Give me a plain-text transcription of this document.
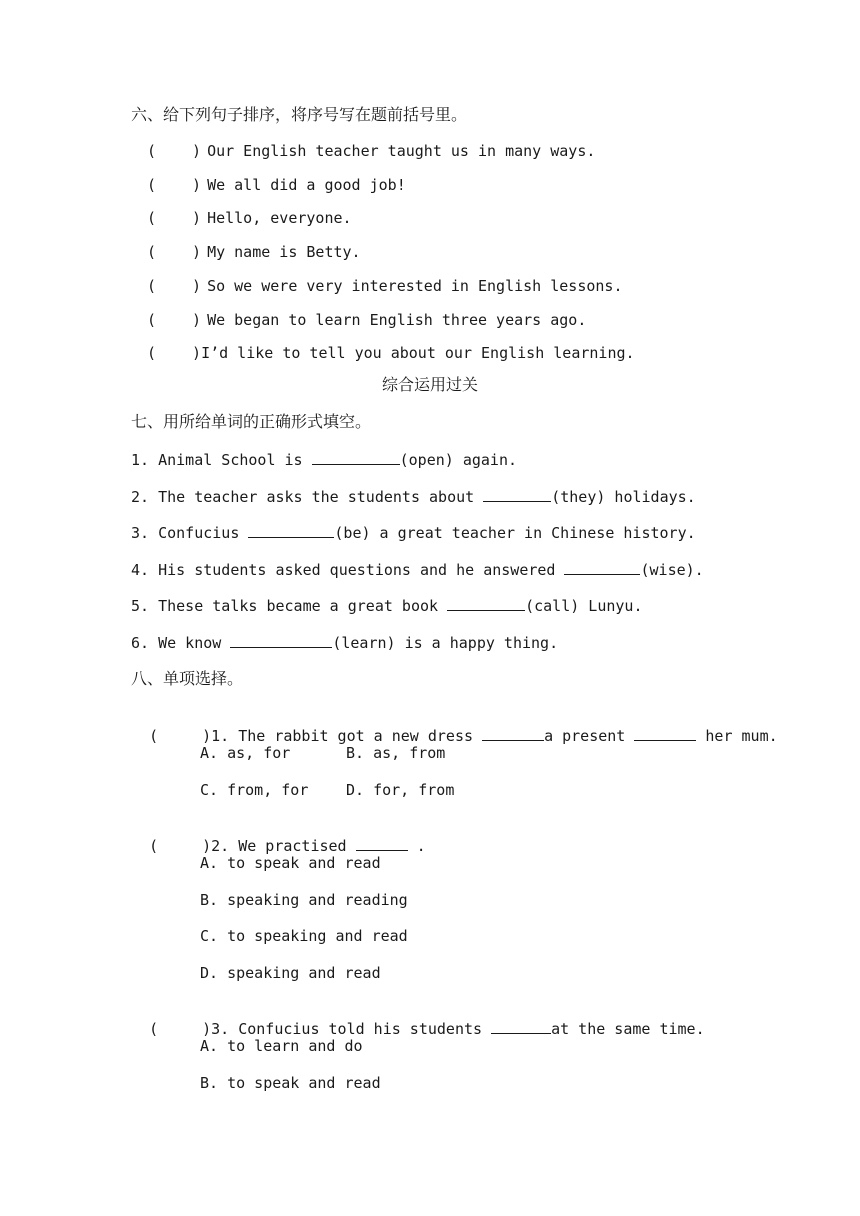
六、给下列句子排序，将序号写在题前括号里。
( ) Our English teacher taught us in many ways.
( ) We all did a good job!
( ) Hello, everyone.
( ) My name is Betty.
( ) So we were very interested in English lessons.
( ) We began to learn English three years ago.
( )I’d like to tell you about our English learning.
综合运用过关
七、用所给单词的正确形式填空。
1. Animal School is	(open) again.
2. The teacher asks the students about	(they) holidays.
3. Confucius	(be) a great teacher in Chinese history.
4. His students asked questions and he answered	(wise).
5. These talks became a great book	(call) Lunyu.
6. We know	(learn) is a happy thing.
八、单项选择。

(	)1. The rabbit got a new dress	a present	her mum.

A. as, for	B. as, from
C. from, for	D. for, from

(	)2. We practised	.

A. to speak and read
B. speaking and reading
C. to speaking and read
D. speaking and read

(	)3. Confucius told his students	at the same time.

A. to learn and do
B. to speak and read
